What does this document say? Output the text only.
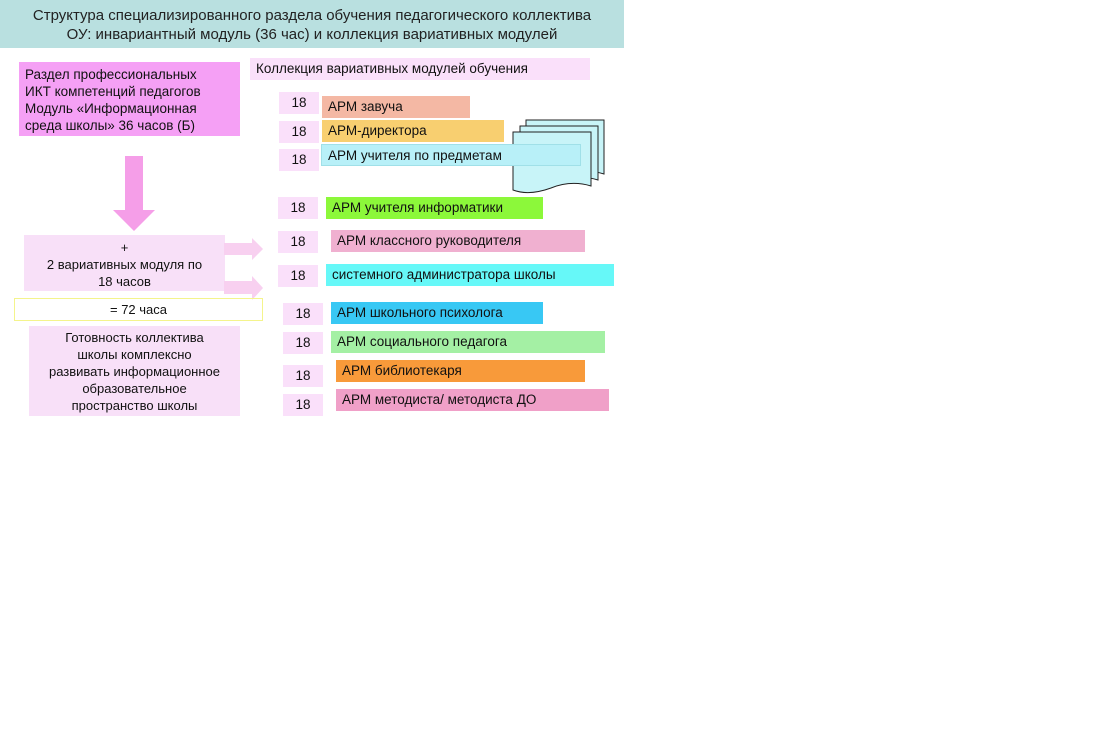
Структура специализированного раздела обучения педагогического коллектива
ОУ: инвариантный модуль (36 час) и коллекция вариативных модулей
Раздел профессиональных
ИКТ компетенций педагогов
Модуль «Информационная
среда школы» 36 часов (Б)
+
2 вариативных модуля по
18 часов
= 72 часа
Готовность коллектива
школы комплексно
развивать информационное
образовательное
пространство школы
Коллекция вариативных модулей обучения
18	АРМ завуча
18	АРМ-директора
18	АРМ учителя по предметам
18	АРМ учителя информатики
18	АРМ классного руководителя
18	системного администратора школы
18	АРМ школьного психолога
18	АРМ социального педагога
18	АРМ библиотекаря
18	АРМ методиста/ методиста ДО
